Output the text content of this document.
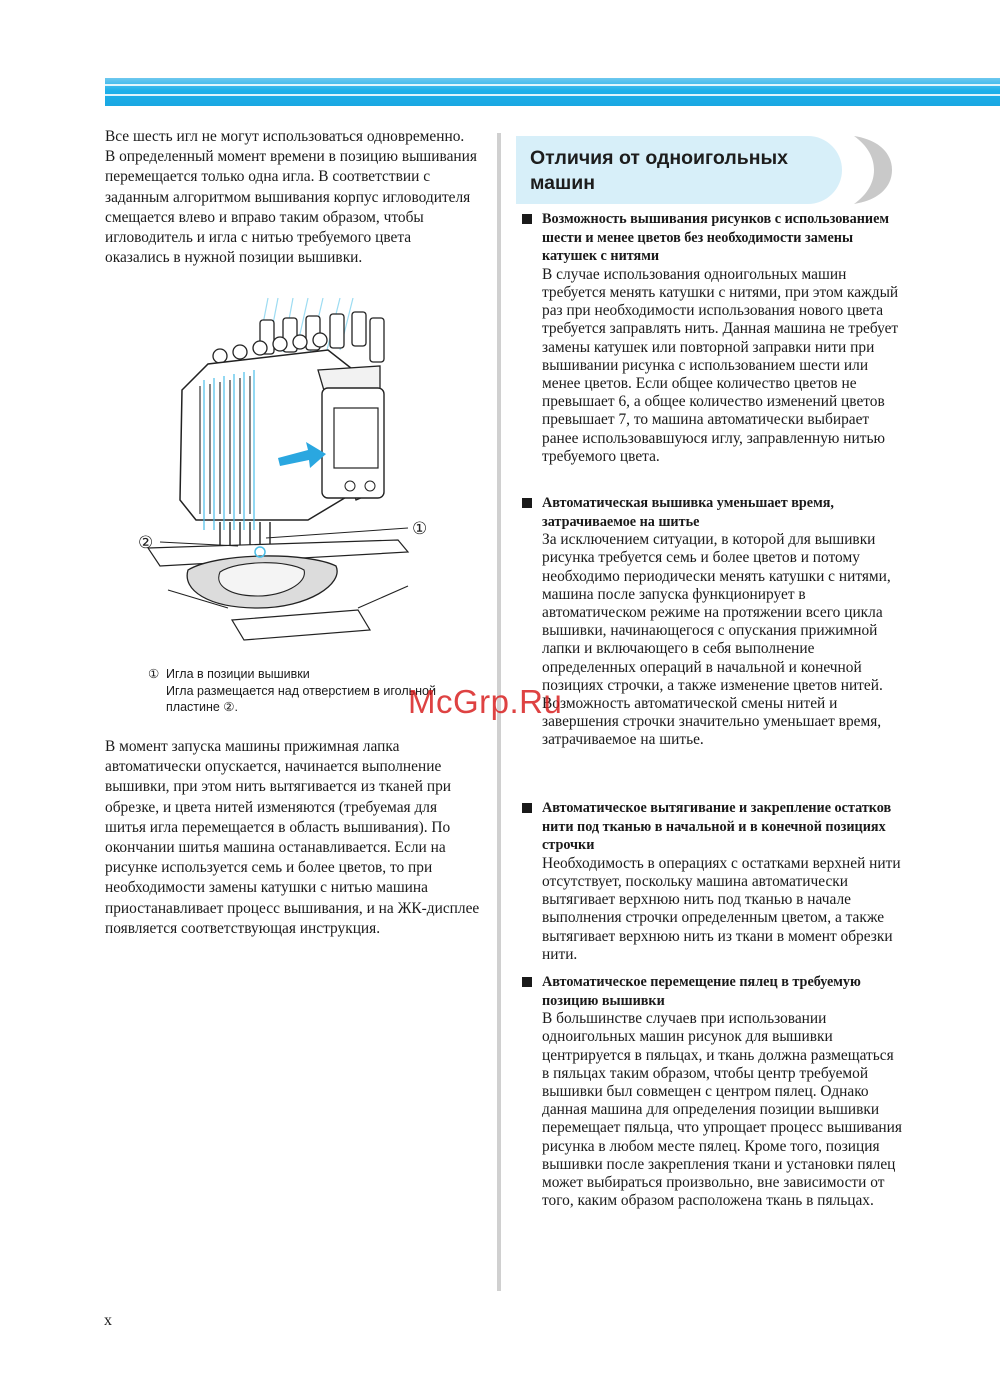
Все шесть игл не могут использоваться одновременно. В определенный момент времени в позицию вышивания перемещается только одна игла. В соответствии с заданным алгоритмом вышивания корпус игловодителя смещается влево и вправо таким образом, чтобы игловодитель и игла с нитью требуемого цвета оказались в нужной позиции вышивки.

①
②
① Игла в позиции вышивки
Игла размещается над отверстием в игольной
пластине ②.

В момент запуска машины прижимная лапка автоматически опускается, начинается выполнение вышивки, при этом нить вытягивается из тканей при обрезке, и цвета нитей изменяются (требуемая для шитья игла перемещается в область вышивания). По окончании шитья машина останавливается. Если на рисунке используется семь и более цветов, то при необходимости замены катушки с нитью машина приостанавливает процесс вышивания, и на ЖК-дисплее появляется соответствующая инструкция.

Отличия от одноигольных
машин
Возможность вышивания рисунков с использованием шести и менее цветов без необходимости замены катушек с нитями
В случае использования одноигольных машин требуется менять катушки с нитями, при этом каждый раз при необходимости использования нового цвета требуется заправлять нить. Данная машина не требует замены катушек или повторной заправки нити при вышивании рисунка с использованием шести или менее цветов. Если общее количество цветов не превышает 6, а общее количество изменений цветов превышает 7, то машина автоматически выбирает ранее использовавшуюся иглу, заправленную нитью требуемого цвета.
Автоматическая вышивка уменьшает время, затрачиваемое на шитье
За исключением ситуации, в которой для вышивки рисунка требуется семь и более цветов и потому необходимо периодически менять катушки с нитями, машина после запуска функционирует в автоматическом режиме на протяжении всего цикла вышивки, начинающегося с опускания прижимной лапки и включающего в себя выполнение определенных операций в начальной и конечной позициях строчки, а также изменение цветов нитей. Возможность автоматической смены нитей и завершения строчки значительно уменьшает время, затрачиваемое на шитье.
Автоматическое вытягивание и закрепление остатков нити под тканью в начальной и в конечной позициях строчки
Необходимость в операциях с остатками верхней нити отсутствует, поскольку машина автоматически вытягивает верхнюю нить под тканью в начале выполнения строчки определенным цветом, а также вытягивает верхнюю нить из ткани в момент обрезки нити.
Автоматическое перемещение пялец в требуемую позицию вышивки
В большинстве случаев при использовании одноигольных машин рисунок для вышивки центрируется в пяльцах, и ткань должна размещаться в пяльцах таким образом, чтобы центр требуемой вышивки был совмещен с центром пялец. Однако данная машина для определения позиции вышивки перемещает пяльца, что упрощает процесс вышивания рисунка в любом месте пялец. Кроме того, позиция вышивки после закрепления ткани и установки пялец может выбираться произвольно, вне зависимости от того, каким образом расположена ткань в пяльцах.
McGrp.Ru
x
